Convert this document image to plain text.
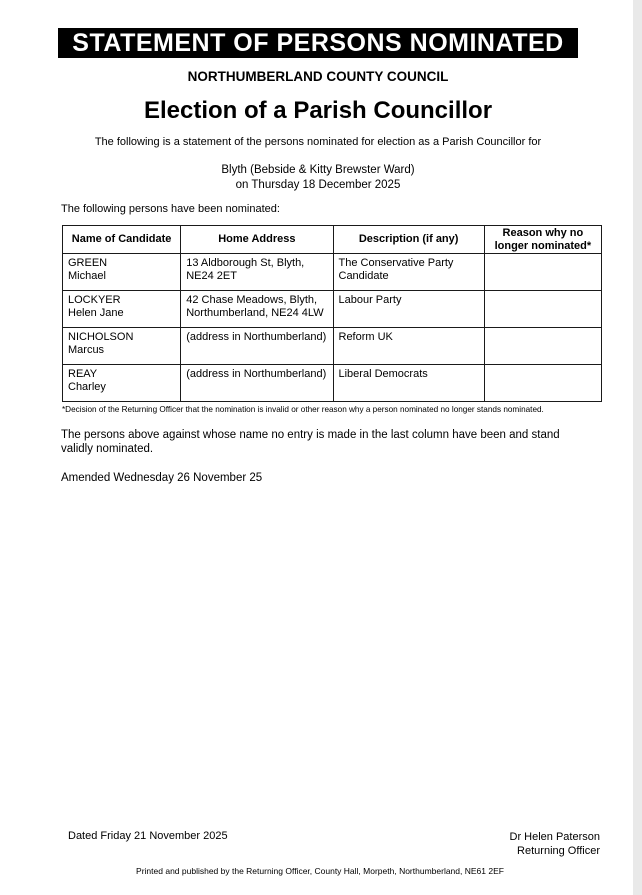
STATEMENT OF PERSONS NOMINATED
NORTHUMBERLAND COUNTY COUNCIL
Election of a Parish Councillor
The following is a statement of the persons nominated for election as a Parish Councillor for
Blyth (Bebside & Kitty Brewster Ward)
on Thursday 18 December 2025
The following persons have been nominated:
Name of Candidate	Home Address	Description (if any)	Reason why no longer nominated*

GREEN
Michael	13 Aldborough St, Blyth, NE24 2ET	The Conservative Party Candidate	

LOCKYER
Helen Jane	42 Chase Meadows, Blyth, Northumberland, NE24 4LW	Labour Party	

NICHOLSON
Marcus	(address in Northumberland)	Reform UK	

REAY
Charley	(address in Northumberland)	Liberal Democrats	
*Decision of the Returning Officer that the nomination is invalid or other reason why a person nominated no longer stands nominated.
The persons above against whose name no entry is made in the last column have been and stand validly nominated.
Amended Wednesday 26 November 25
Dated Friday 21 November 2025	Dr Helen Paterson
Returning Officer
Printed and published by the Returning Officer, County Hall, Morpeth, Northumberland, NE61 2EF
